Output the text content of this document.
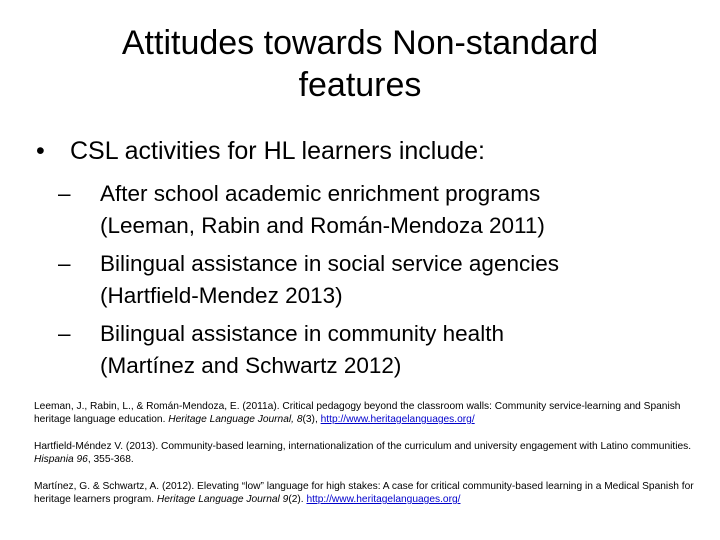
Attitudes towards Non-standard features

• CSL activities for HL learners include:

– After school academic enrichment programs
(Leeman, Rabin and Román-Mendoza 2011)

– Bilingual assistance in social service agencies
(Hartfield-Mendez 2013)

– Bilingual assistance in community health
(Martínez and Schwartz 2012)

Leeman, J., Rabin, L., & Román-Mendoza, E. (2011a). Critical pedagogy beyond the classroom walls: Community service-learning and Spanish heritage language education. Heritage Language Journal, 8(3), http://www.heritagelanguages.org/

Hartfield-Méndez V. (2013). Community-based learning, internationalization of the curriculum and university engagement with Latino communities. Hispania 96, 355-368.

Martínez, G. & Schwartz, A. (2012). Elevating “low” language for high stakes: A case for critical community-based learning in a Medical Spanish for heritage learners program. Heritage Language Journal 9(2). http://www.heritagelanguages.org/
